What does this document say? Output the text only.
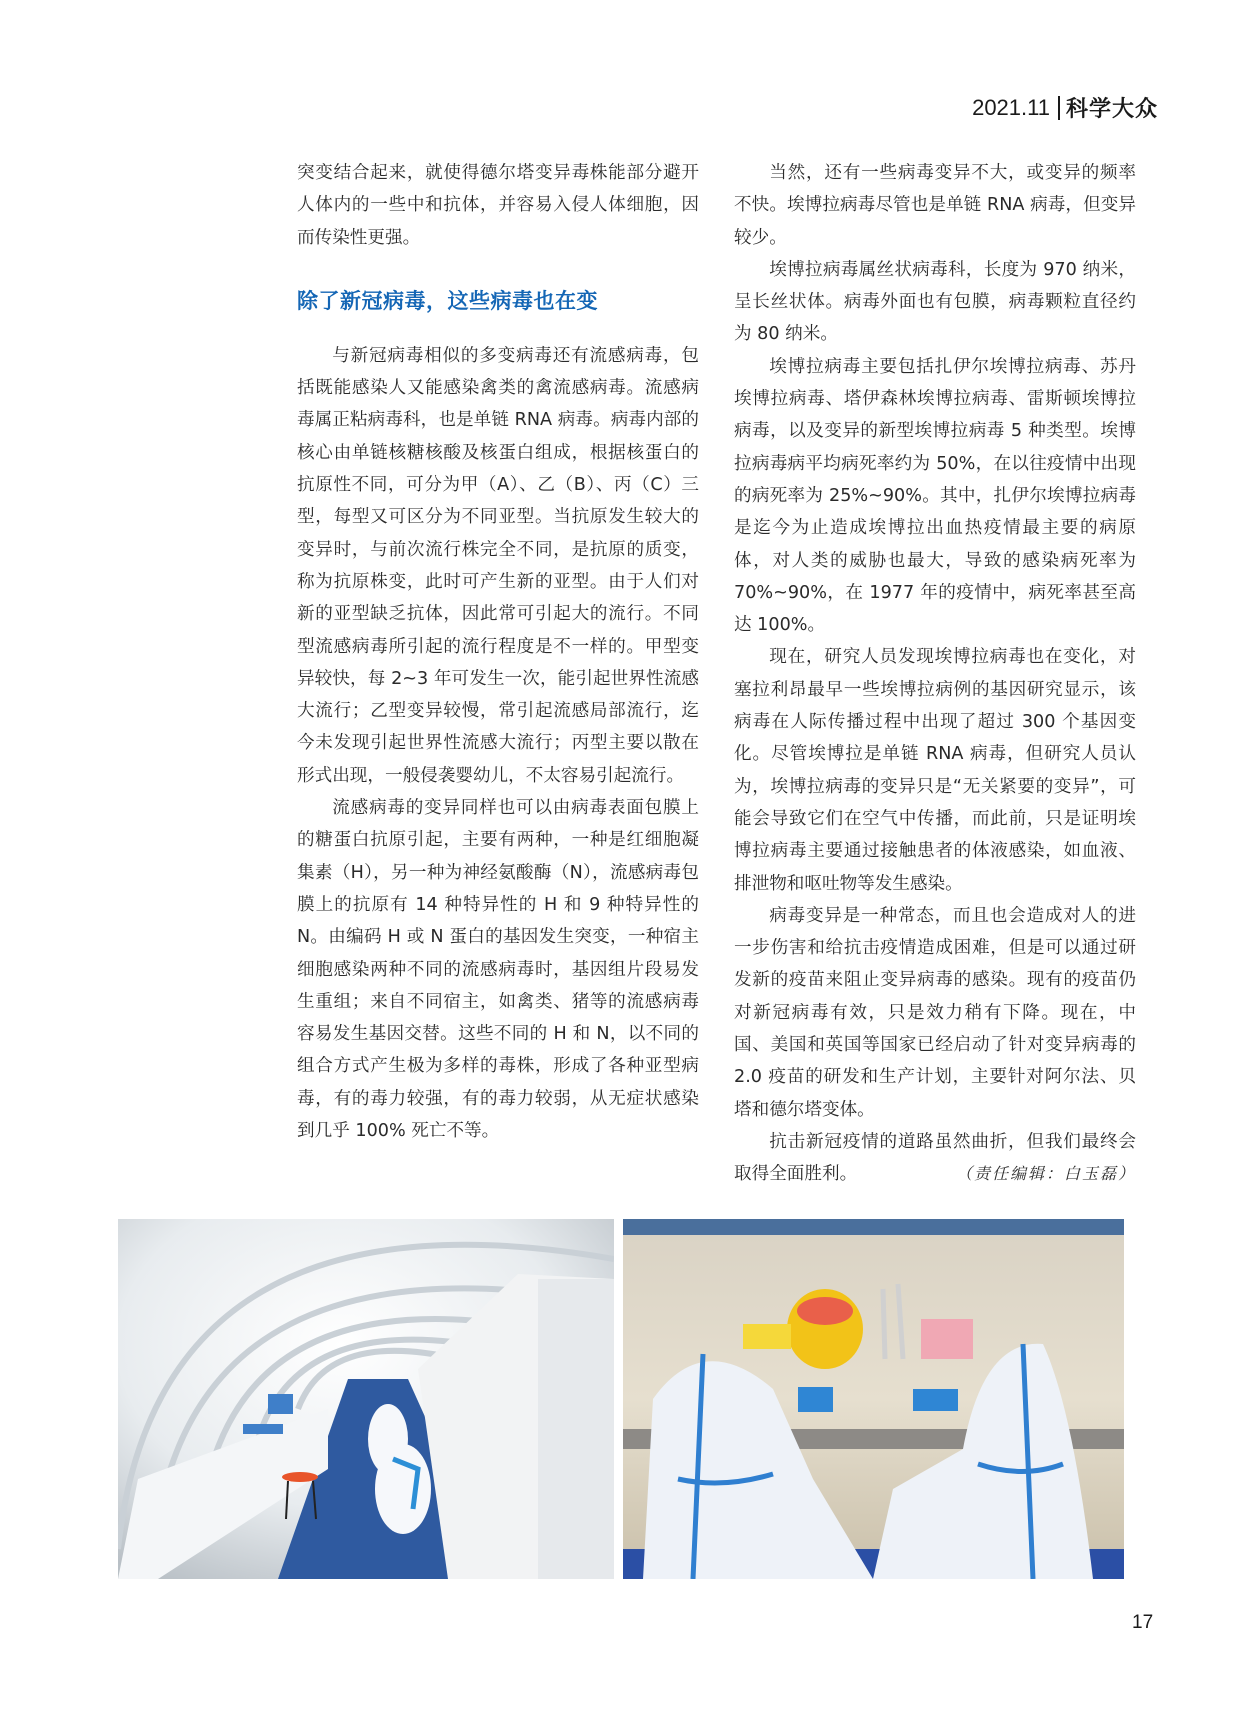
2021.11 科学大众

突变结合起来，就使得德尔塔变异毒株能部分避开人体内的一些中和抗体，并容易入侵人体细胞，因而传染性更强。

除了新冠病毒，这些病毒也在变

与新冠病毒相似的多变病毒还有流感病毒，包括既能感染人又能感染禽类的禽流感病毒。流感病毒属正粘病毒科，也是单链 RNA 病毒。病毒内部的核心由单链核糖核酸及核蛋白组成，根据核蛋白的抗原性不同，可分为甲（A）、乙（B）、丙（C）三型，每型又可区分为不同亚型。当抗原发生较大的变异时，与前次流行株完全不同，是抗原的质变，称为抗原株变，此时可产生新的亚型。由于人们对新的亚型缺乏抗体，因此常可引起大的流行。不同型流感病毒所引起的流行程度是不一样的。甲型变异较快，每 2~3 年可发生一次，能引起世界性流感大流行；乙型变异较慢，常引起流感局部流行，迄今未发现引起世界性流感大流行；丙型主要以散在形式出现，一般侵袭婴幼儿，不太容易引起流行。

流感病毒的变异同样也可以由病毒表面包膜上的糖蛋白抗原引起，主要有两种，一种是红细胞凝集素（H），另一种为神经氨酸酶（N），流感病毒包膜上的抗原有 14 种特异性的 H 和 9 种特异性的 N。由编码 H 或 N 蛋白的基因发生突变，一种宿主细胞感染两种不同的流感病毒时，基因组片段易发生重组；来自不同宿主，如禽类、猪等的流感病毒容易发生基因交替。这些不同的 H 和 N，以不同的组合方式产生极为多样的毒株，形成了各种亚型病毒，有的毒力较强，有的毒力较弱，从无症状感染到几乎 100% 死亡不等。

当然，还有一些病毒变异不大，或变异的频率不快。埃博拉病毒尽管也是单链 RNA 病毒，但变异较少。

埃博拉病毒属丝状病毒科，长度为 970 纳米，呈长丝状体。病毒外面也有包膜，病毒颗粒直径约为 80 纳米。

埃博拉病毒主要包括扎伊尔埃博拉病毒、苏丹埃博拉病毒、塔伊森林埃博拉病毒、雷斯顿埃博拉病毒，以及变异的新型埃博拉病毒 5 种类型。埃博拉病毒病平均病死率约为 50%，在以往疫情中出现的病死率为 25%~90%。其中，扎伊尔埃博拉病毒是迄今为止造成埃博拉出血热疫情最主要的病原体，对人类的威胁也最大，导致的感染病死率为 70%~90%，在 1977 年的疫情中，病死率甚至高达 100%。

现在，研究人员发现埃博拉病毒也在变化，对塞拉利昂最早一些埃博拉病例的基因研究显示，该病毒在人际传播过程中出现了超过 300 个基因变化。尽管埃博拉是单链 RNA 病毒，但研究人员认为，埃博拉病毒的变异只是“无关紧要的变异”，可能会导致它们在空气中传播，而此前，只是证明埃博拉病毒主要通过接触患者的体液感染，如血液、排泄物和呕吐物等发生感染。

病毒变异是一种常态，而且也会造成对人的进一步伤害和给抗击疫情造成困难，但是可以通过研发新的疫苗来阻止变异病毒的感染。现有的疫苗仍对新冠病毒有效，只是效力稍有下降。现在，中国、美国和英国等国家已经启动了针对变异病毒的 2.0 疫苗的研发和生产计划，主要针对阿尔法、贝塔和德尔塔变体。

抗击新冠疫情的道路虽然曲折，但我们最终会取得全面胜利。	（责任编辑：白玉磊）

17
